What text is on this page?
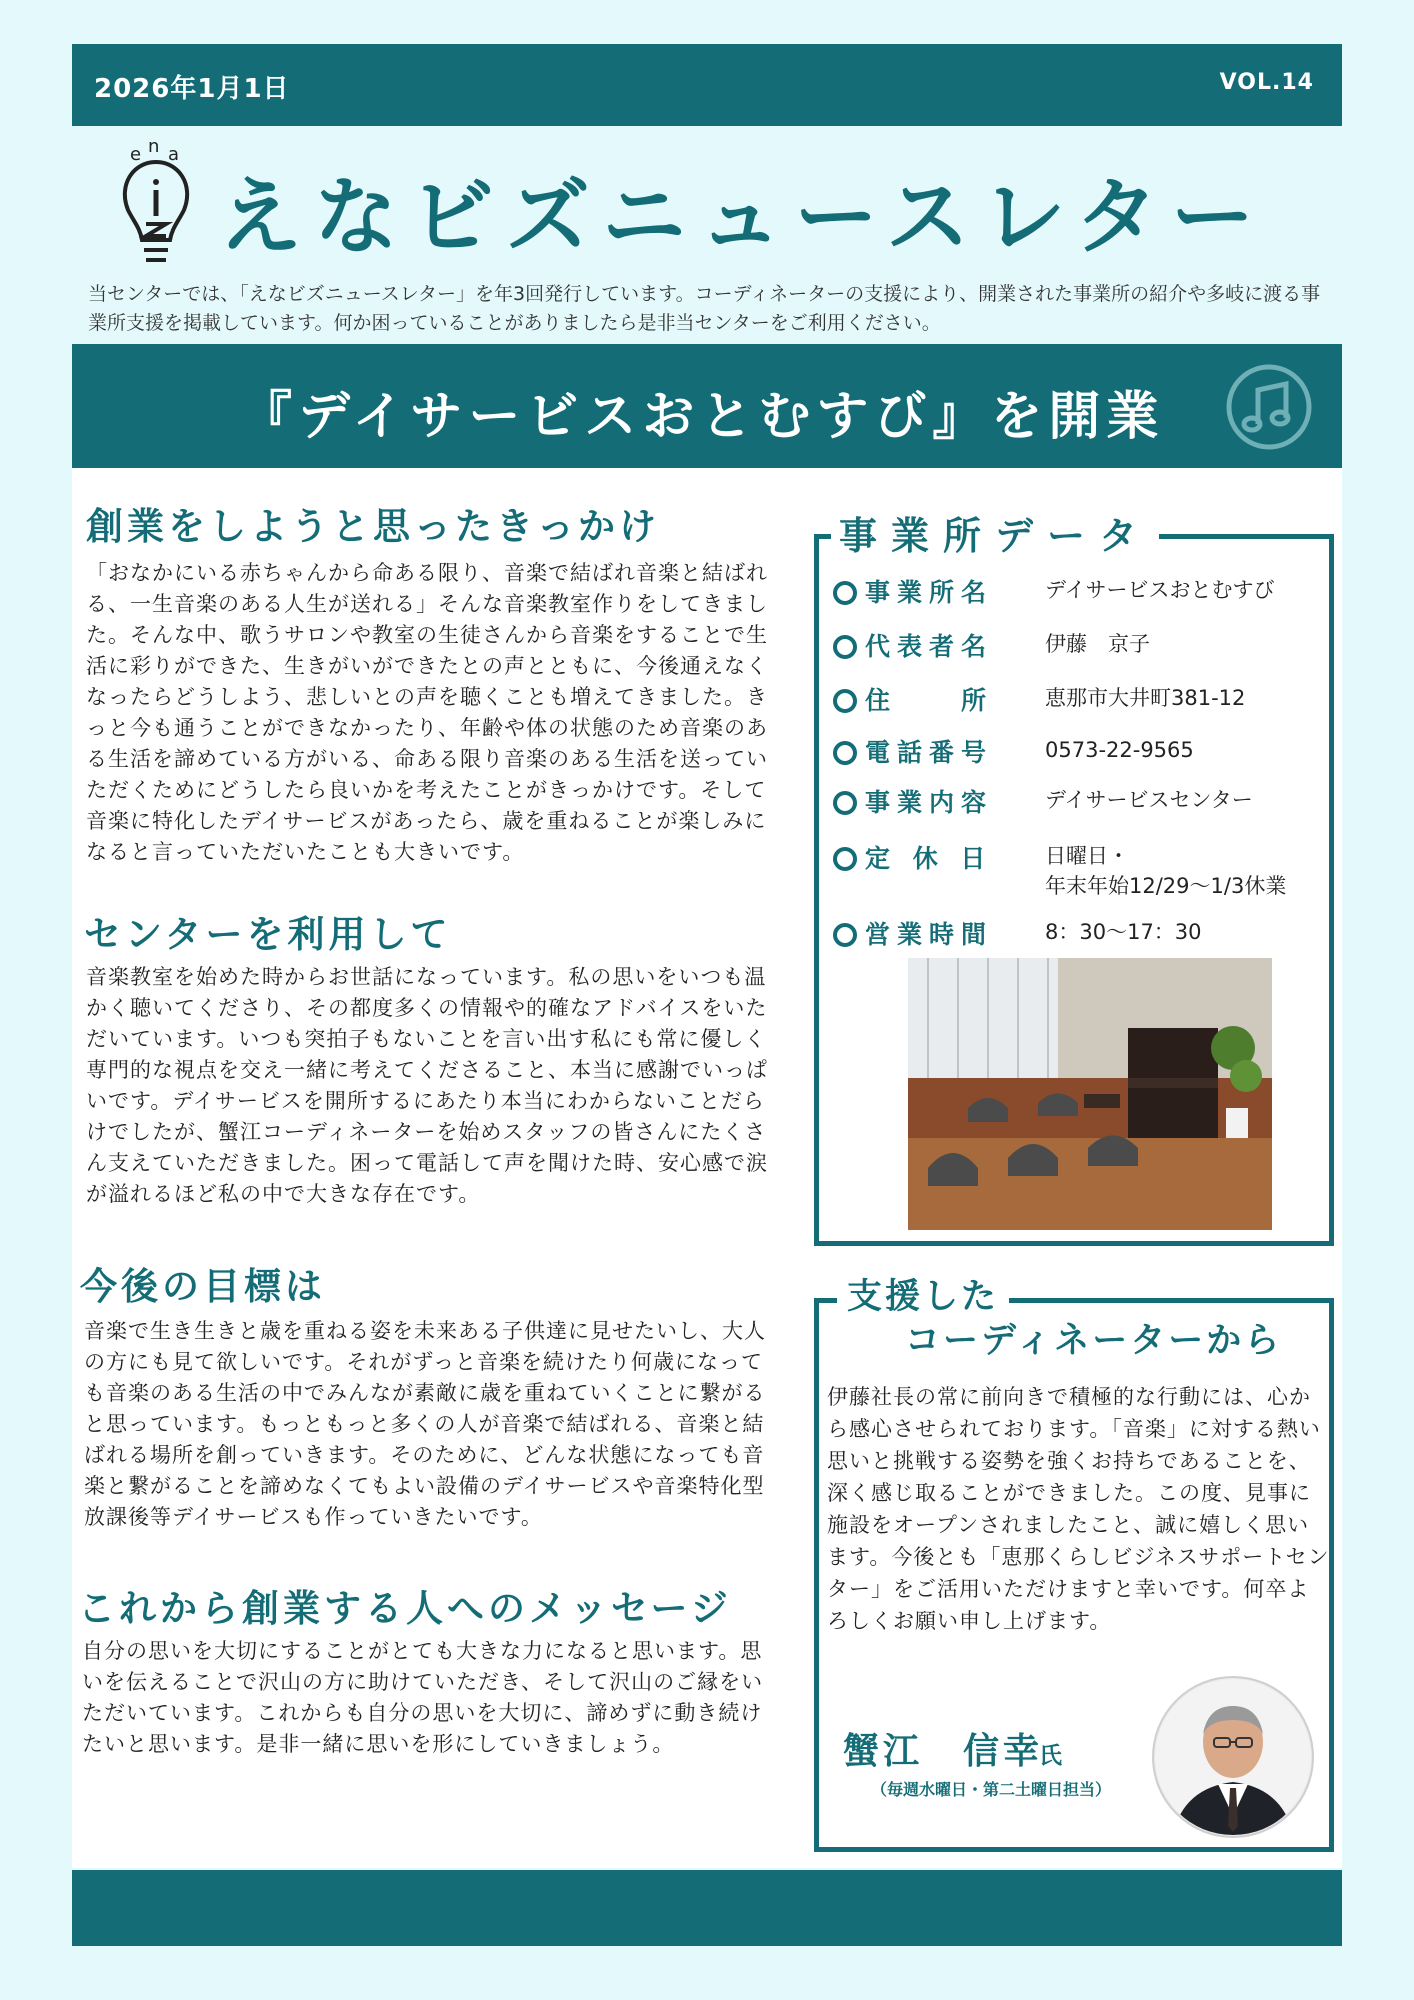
2026年1月1日	VOL.14
e n a
えなビズニュースレター
当センターでは、「えなビズニュースレター」を年3回発行しています。コーディネーターの支援により、開業された事業所の紹介や多岐に渡る事業所支援を掲載しています。何か困っていることがありましたら是非当センターをご利用ください。
『デイサービスおとむすび』を開業
創業をしようと思ったきっかけ
「おなかにいる赤ちゃんから命ある限り、音楽で結ばれ音楽と結ばれる、一生音楽のある人生が送れる」そんな音楽教室作りをしてきました。そんな中、歌うサロンや教室の生徒さんから音楽をすることで生活に彩りができた、生きがいができたとの声とともに、今後通えなくなったらどうしよう、悲しいとの声を聴くことも増えてきました。きっと今も通うことができなかったり、年齢や体の状態のため音楽のある生活を諦めている方がいる、命ある限り音楽のある生活を送っていただくためにどうしたら良いかを考えたことがきっかけです。そして音楽に特化したデイサービスがあったら、歳を重ねることが楽しみになると言っていただいたことも大きいです。
センターを利用して
音楽教室を始めた時からお世話になっています。私の思いをいつも温かく聴いてくださり、その都度多くの情報や的確なアドバイスをいただいています。いつも突拍子もないことを言い出す私にも常に優しく専門的な視点を交え一緒に考えてくださること、本当に感謝でいっぱいです。デイサービスを開所するにあたり本当にわからないことだらけでしたが、蟹江コーディネーターを始めスタッフの皆さんにたくさん支えていただきました。困って電話して声を聞けた時、安心感で涙が溢れるほど私の中で大きな存在です。
今後の目標は
音楽で生き生きと歳を重ねる姿を未来ある子供達に見せたいし、大人の方にも見て欲しいです。それがずっと音楽を続けたり何歳になっても音楽のある生活の中でみんなが素敵に歳を重ねていくことに繋がると思っています。もっともっと多くの人が音楽で結ばれる、音楽と結ばれる場所を創っていきます。そのために、どんな状態になっても音楽と繋がることを諦めなくてもよい設備のデイサービスや音楽特化型放課後等デイサービスも作っていきたいです。
これから創業する人へのメッセージ
自分の思いを大切にすることがとても大きな力になると思います。思いを伝えることで沢山の方に助けていただき、そして沢山のご縁をいただいています。これからも自分の思いを大切に、諦めずに動き続けたいと思います。是非一緒に思いを形にしていきましょう。
事業所データ
事業所名 デイサービスおとむすび
代表者名 伊藤　京子
住　　所 恵那市大井町381-12
電話番号 0573-22-9565
事業内容 デイサービスセンター
定 休 日	日曜日・
年末年始12/29〜1/3休業
営業時間 8：30〜17：30
支援した
コーディネーターから
伊藤社長の常に前向きで積極的な行動には、心から感心させられております。「音楽」に対する熱い思いと挑戦する姿勢を強くお持ちであることを、深く感じ取ることができました。この度、見事に施設をオープンされましたこと、誠に嬉しく思います。今後とも「恵那くらしビジネスサポートセンター」をご活用いただけますと幸いです。何卒よろしくお願い申し上げます。
蟹江　信幸
氏
（毎週水曜日・第二土曜日担当）
